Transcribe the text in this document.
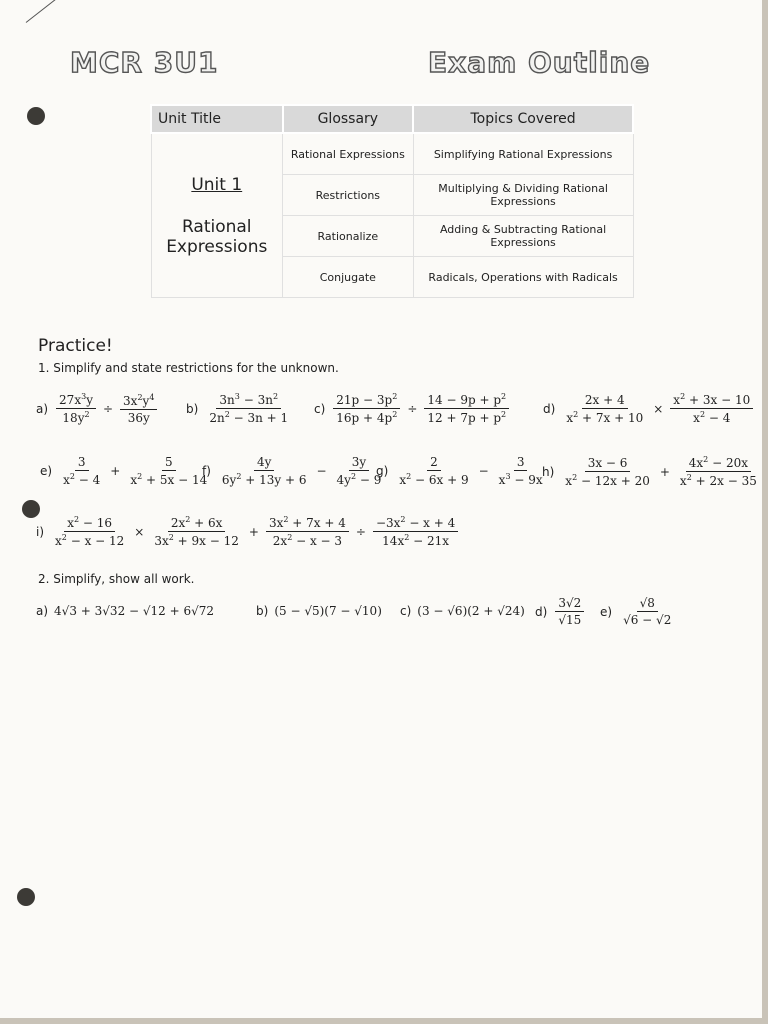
MCR 3U1	Exam Outline
Unit Title	Glossary	Topics Covered

Unit 1
Rational
Expressions	Rational Expressions	Simplifying Rational Expressions
	Restrictions	Multiplying & Dividing Rational Expressions
	Rationalize	Adding & Subtracting Rational Expressions
	Conjugate	Radicals, Operations with Radicals
Practice!
1. Simplify and state restrictions for the unknown.
$a) \frac{27x^3y}{18y^2} \div \frac{3x^2y^4}{36y} b) \frac{3n^3 - 3n^2}{2n^2 - 3n + 1} c) \frac{21p - 3p^2}{16p + 4p^2} \div \frac{14 - 9p + p^2}{12 + 7p + p^2}$	$d) \frac{2x + 4}{x^2 + 7x + 10} \times \frac{x^2 + 3x - 10}{x^2 - 4}$
$e) \frac{3}{x^2 - 4} + \frac{5}{x^2 + 5x - 14}$
$f) \frac{4y}{6y^2 + 13y + 6} - \frac{3y}{4y^2 - 9}$
$g) \frac{2}{x^2 - 6x + 9} - \frac{3}{x^3 - 9x}$
$h) \frac{3x - 6}{x^2 - 12x + 20} + \frac{4x^2 - 20x}{x^2 + 2x - 35}$
$i) \frac{x^2 - 16}{x^2 - x - 12} \times \frac{2x^2 + 6x}{3x^2 + 9x - 12} + \frac{3x^2 + 7x + 4}{2x^2 - x - 3} \div \frac{-3x^2 - x + 4}{14x^2 - 21x}$
2. Simplify, show all work.
a) 4√3 + 3√32 − √12 + 6√72	b) (5 − √5)(7 − √10) c) (3 − √6)(2 + √24) $d) \frac{3√2}{√15} e) \frac{√8}{√6 - √2}$
